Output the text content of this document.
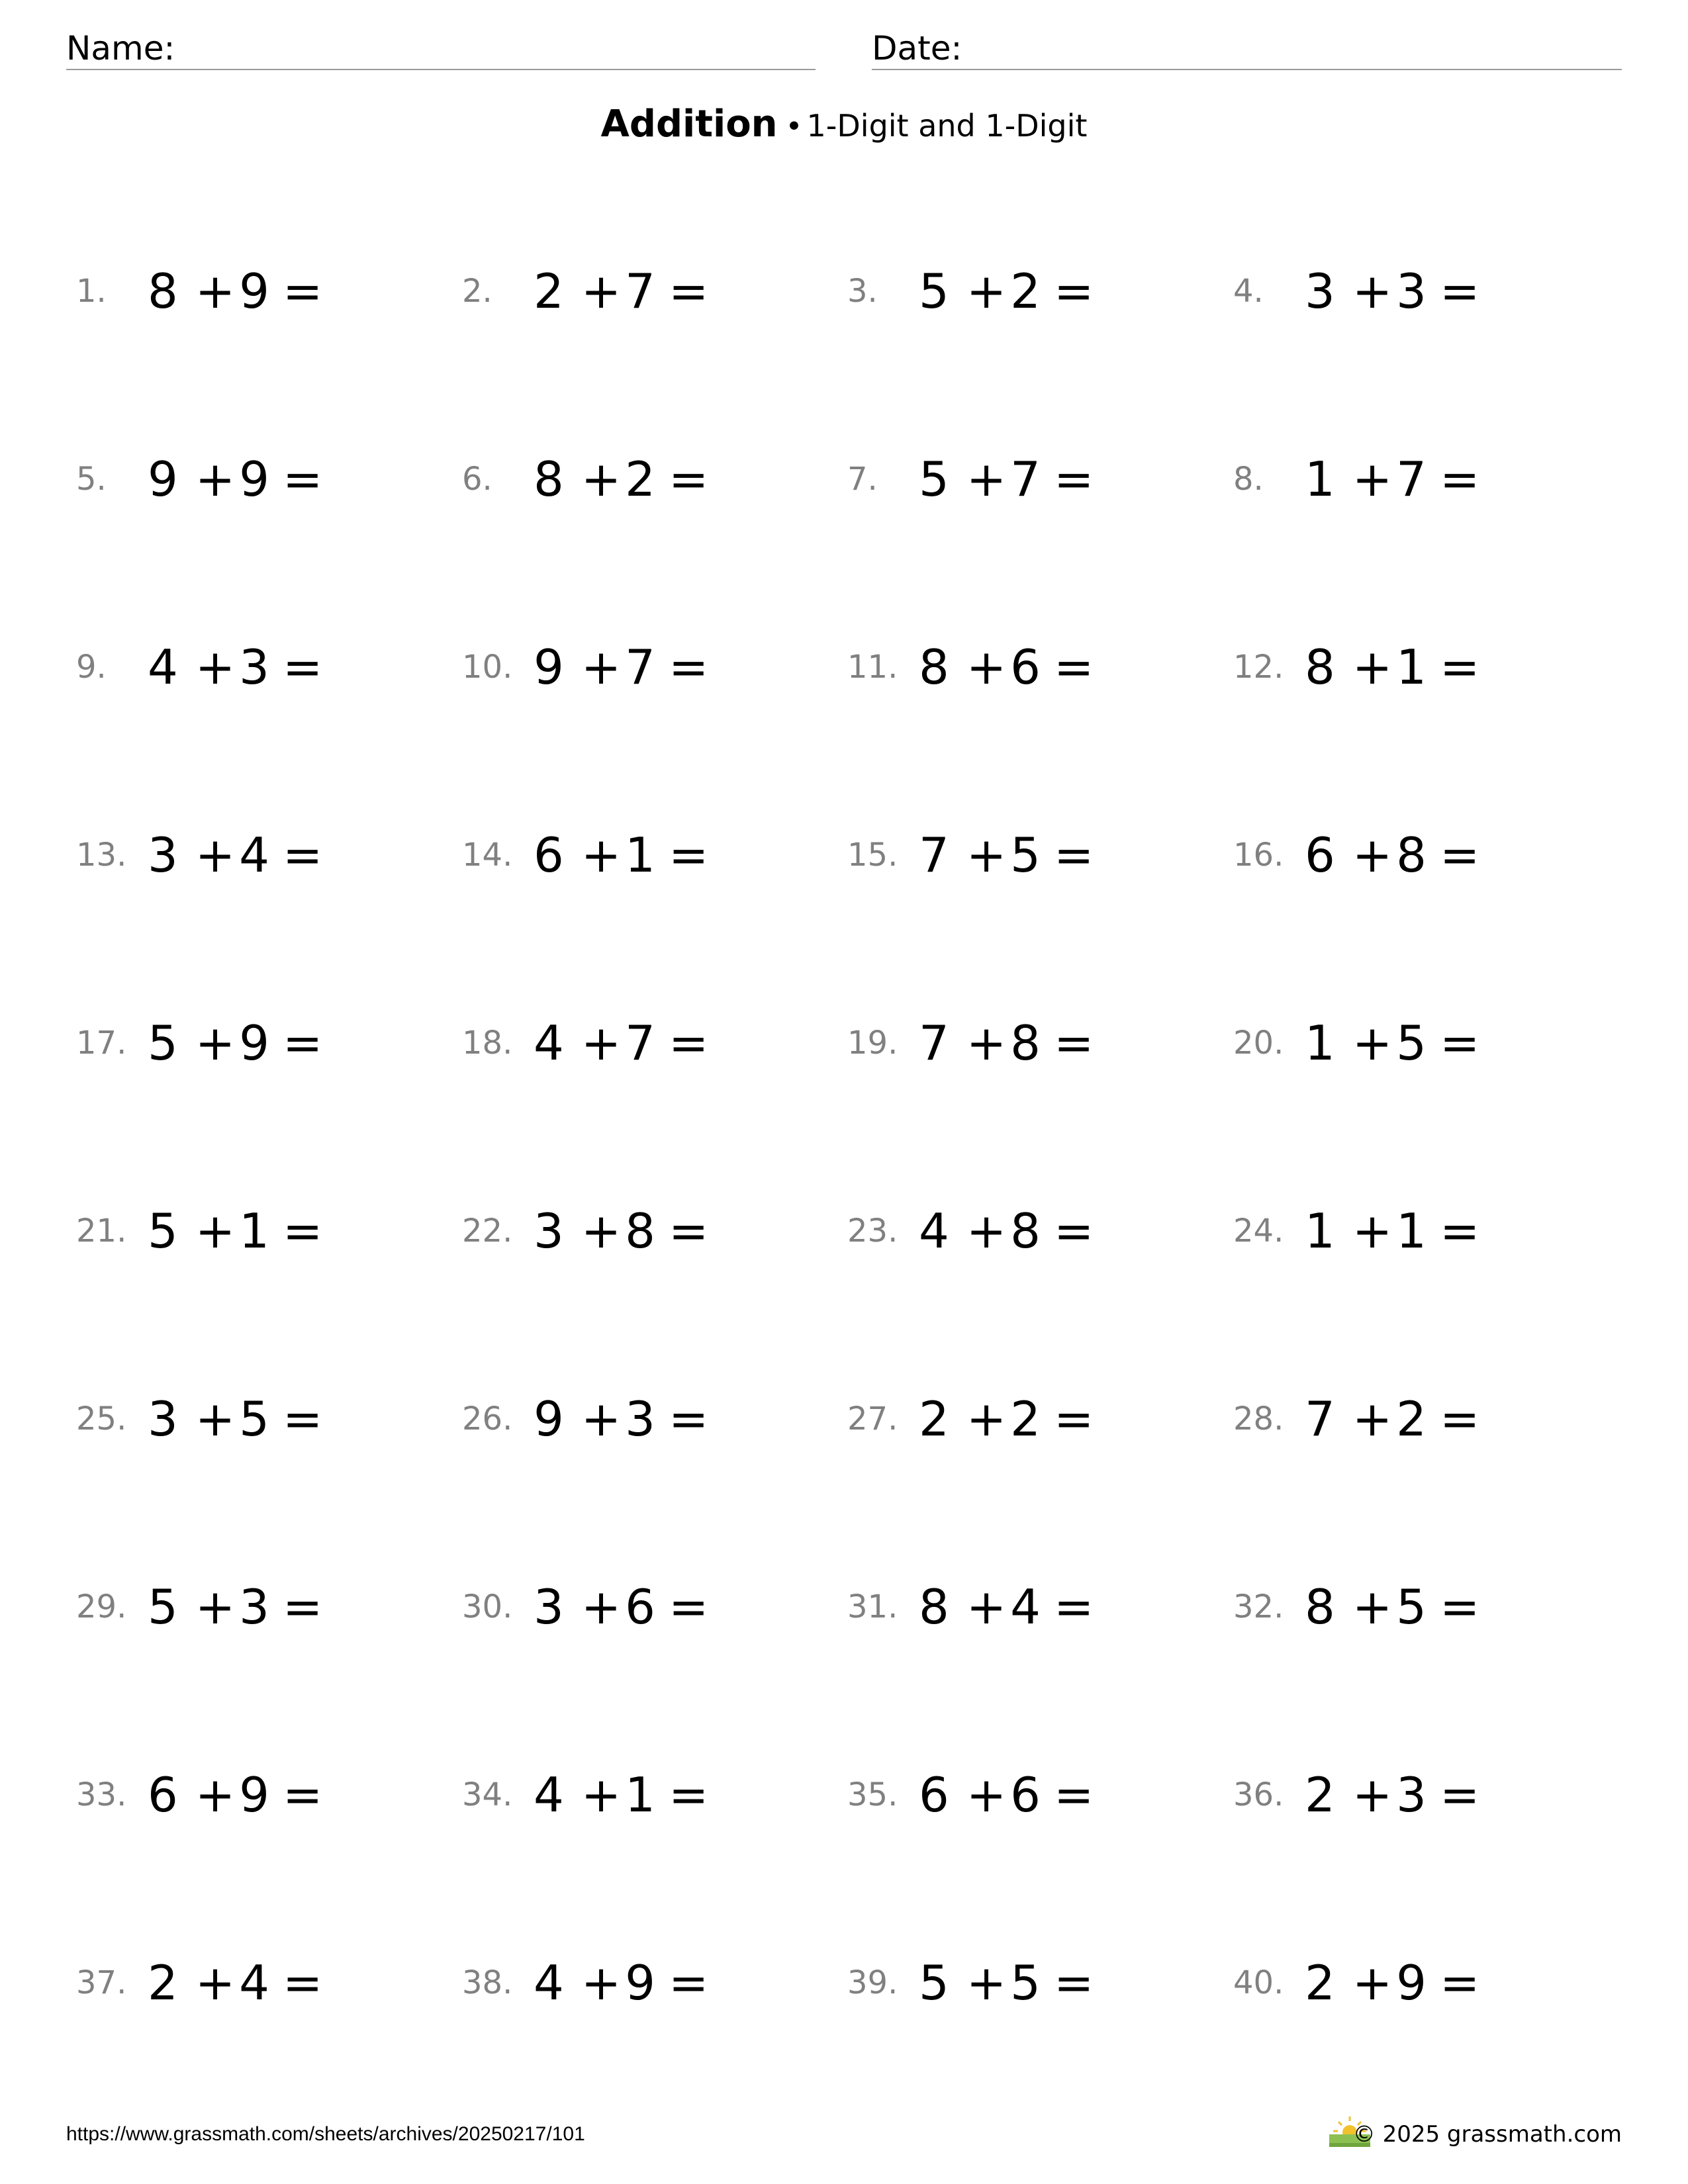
Name:	Date:
Addition • 1-Digit and 1-Digit
1. 8 +9 =	2. 2 +7 =	3. 5 +2 =	4. 3 +3 =
5. 9 +9 =	6. 8 +2 =	7. 5 +7 =	8. 1 +7 =
9. 4 +3 =	10. 9 +7 =	11. 8 +6 =	12. 8 +1 =
13. 3 +4 =	14. 6 +1 =	15. 7 +5 =	16. 6 +8 =
17. 5 +9 =	18. 4 +7 =	19. 7 +8 =	20. 1 +5 =
21. 5 +1 =	22. 3 +8 =	23. 4 +8 =	24. 1 +1 =
25. 3 +5 =	26. 9 +3 =	27. 2 +2 =	28. 7 +2 =
29. 5 +3 =	30. 3 +6 =	31. 8 +4 =	32. 8 +5 =
33. 6 +9 =	34. 4 +1 =	35. 6 +6 =	36. 2 +3 =
37. 2 +4 =	38. 4 +9 =	39. 5 +5 =	40. 2 +9 =
https://www.grassmath.com/sheets/archives/20250217/101	© 2025 grassmath.com
